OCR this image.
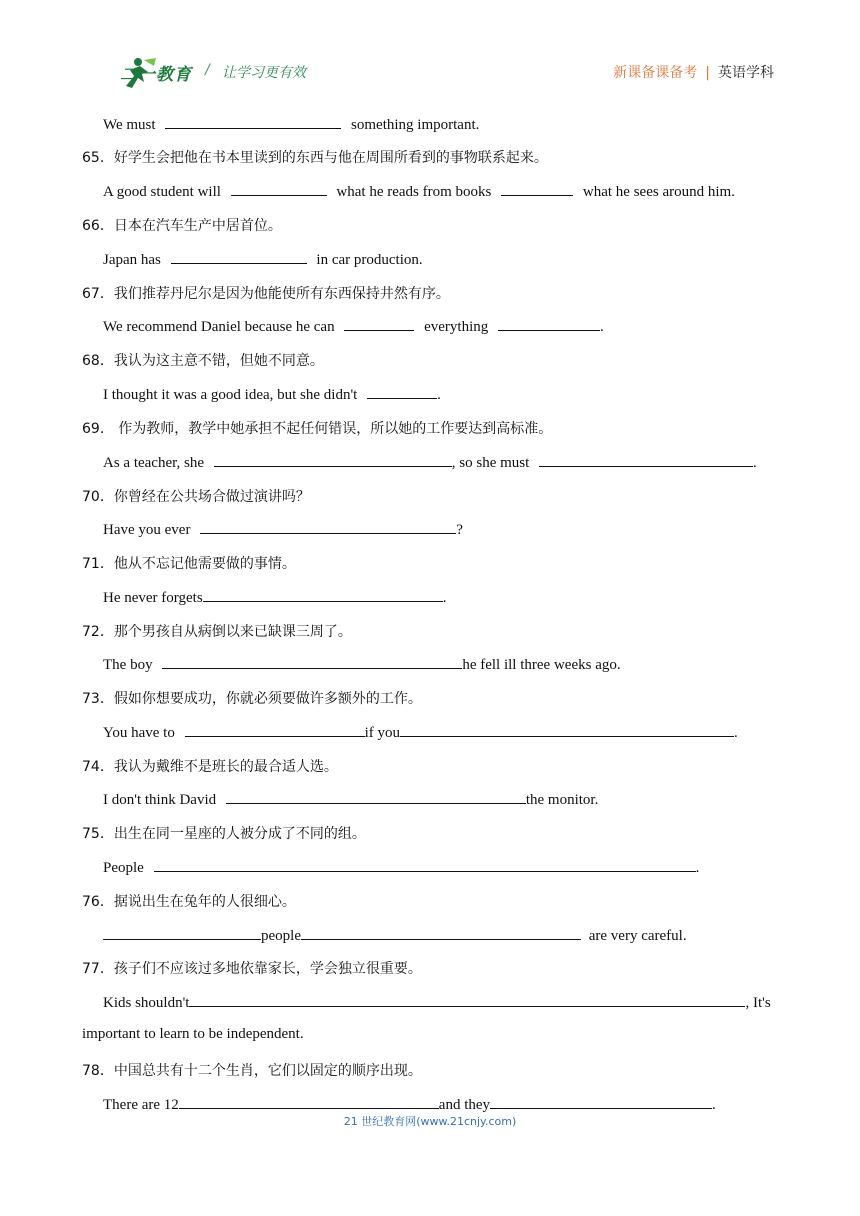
二一教育 / 让学习更有效	新课备课备考 | 英语学科
We must	something important.
65．好学生会把他在书本里读到的东西与他在周围所看到的事物联系起来。
A good student will	what he reads from books	what he sees around him.
66．日本在汽车生产中居首位。
Japan has	in car production.
67．我们推荐丹尼尔是因为他能使所有东西保持井然有序。
We recommend Daniel because he can	everything	.
68．我认为这主意不错，但她不同意。
I thought it was a good idea, but she didn't	.
69． 作为教师，教学中她承担不起任何错误，所以她的工作要达到高标准。
As a teacher, she	, so she must	.
70．你曾经在公共场合做过演讲吗？
Have you ever	?
71．他从不忘记他需要做的事情。
He never forgets	.
72．那个男孩自从病倒以来已缺课三周了。
The boy	he fell ill three weeks ago.
73．假如你想要成功，你就必须要做许多额外的工作。
You have to	if you	.
74．我认为戴维不是班长的最合适人选。
I don't think David	the monitor.
75．出生在同一星座的人被分成了不同的组。
People	.
76．据说出生在兔年的人很细心。
people	are very careful.
77．孩子们不应该过多地依靠家长，学会独立很重要。
Kids shouldn't	, It's
important to learn to be independent.
78．中国总共有十二个生肖，它们以固定的顺序出现。
There are 12	and they	.
21 世纪教育网(www.21cnjy.com)
